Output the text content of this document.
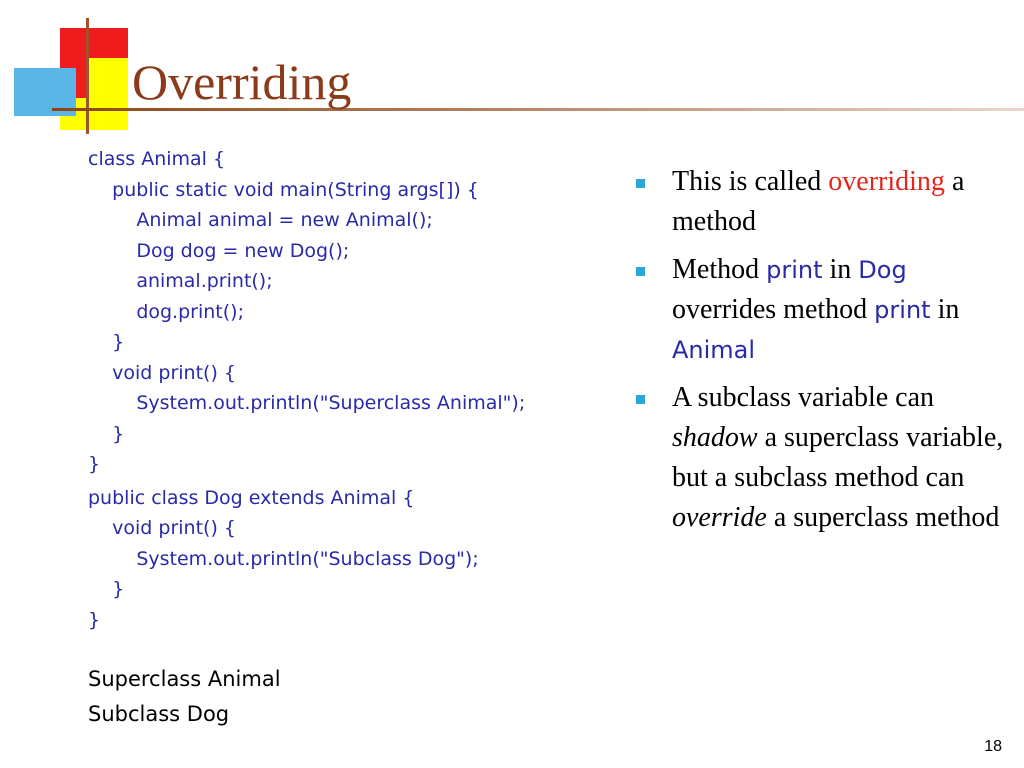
Overriding
class Animal {
public static void main(String args[]) {
Animal animal = new Animal();
Dog dog = new Dog();
animal.print();
dog.print();
}
void print() {
System.out.println("Superclass Animal");
}
}
public class Dog extends Animal {
void print() {
System.out.println("Subclass Dog");
}
}
Superclass Animal
Subclass Dog
This is called overriding a method
Method print in Dog overrides method print in Animal
A subclass variable can shadow a superclass variable, but a subclass method can override a superclass method
18
